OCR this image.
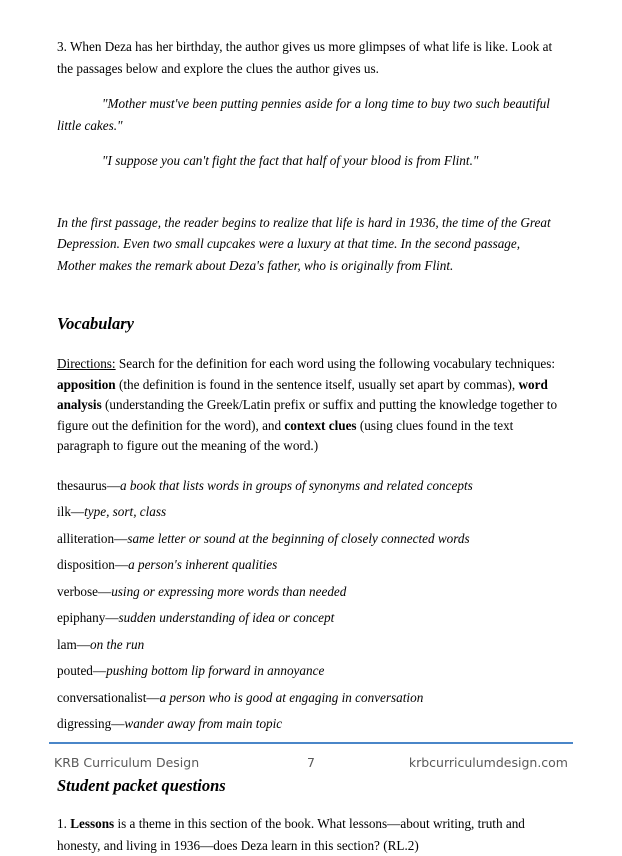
3. When Deza has her birthday, the author gives us more glimpses of what life is like. Look at the passages below and explore the clues the author gives us.

"Mother must've been putting pennies aside for a long time to buy two such beautiful little cakes."

"I suppose you can't fight the fact that half of your blood is from Flint."

In the first passage, the reader begins to realize that life is hard in 1936, the time of the Great Depression. Even two small cupcakes were a luxury at that time. In the second passage, Mother makes the remark about Deza's father, who is originally from Flint.

Vocabulary

Directions: Search for the definition for each word using the following vocabulary techniques: apposition (the definition is found in the sentence itself, usually set apart by commas), word analysis (understanding the Greek/Latin prefix or suffix and putting the knowledge together to figure out the definition for the word), and context clues (using clues found in the text paragraph to figure out the meaning of the word.)

thesaurus—a book that lists words in groups of synonyms and related concepts
ilk—type, sort, class
alliteration—same letter or sound at the beginning of closely connected words
disposition—a person's inherent qualities
verbose—using or expressing more words than needed
epiphany—sudden understanding of idea or concept
lam—on the run
pouted—pushing bottom lip forward in annoyance
conversationalist—a person who is good at engaging in conversation
digressing—wander away from main topic
Student packet questions

1. Lessons is a theme in this section of the book. What lessons—about writing, truth and honesty, and living in 1936—does Deza learn in this section? (RL.2)

KRB Curriculum Design	7	krbcurriculumdesign.com
